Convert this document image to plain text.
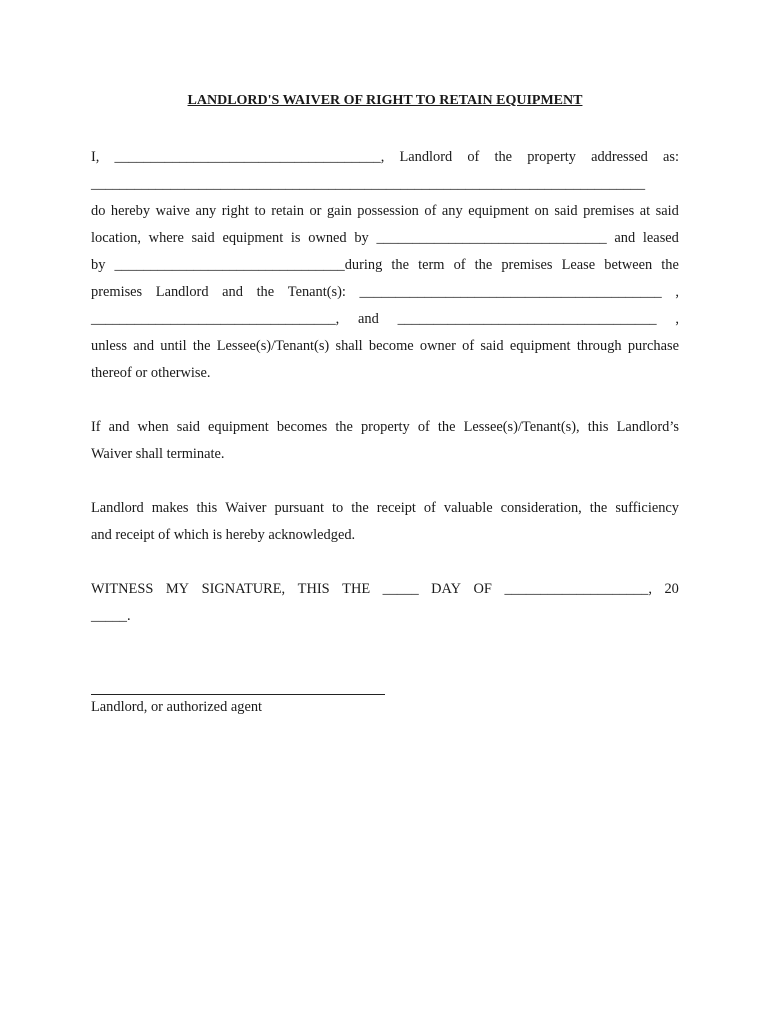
LANDLORD'S WAIVER OF RIGHT TO RETAIN EQUIPMENT
I, _____________________________________, Landlord of the property addressed as:
_____________________________________________________________________________
do hereby waive any right to retain or gain possession of any equipment on said premises at said
location, where said equipment is owned by ________________________________ and leased
by ________________________________during the term of the premises Lease between the
premises Landlord and the Tenant(s): __________________________________________ ,
__________________________________, and ____________________________________ ,
unless and until the Lessee(s)/Tenant(s) shall become owner of said equipment through purchase
thereof or otherwise.
If and when said equipment becomes the property of the Lessee(s)/Tenant(s), this Landlord’s
Waiver shall terminate.
Landlord makes this Waiver pursuant to the receipt of valuable consideration, the sufficiency
and receipt of which is hereby acknowledged.
WITNESS MY SIGNATURE, THIS THE _____ DAY OF ____________________, 20
_____.
Landlord, or authorized agent
